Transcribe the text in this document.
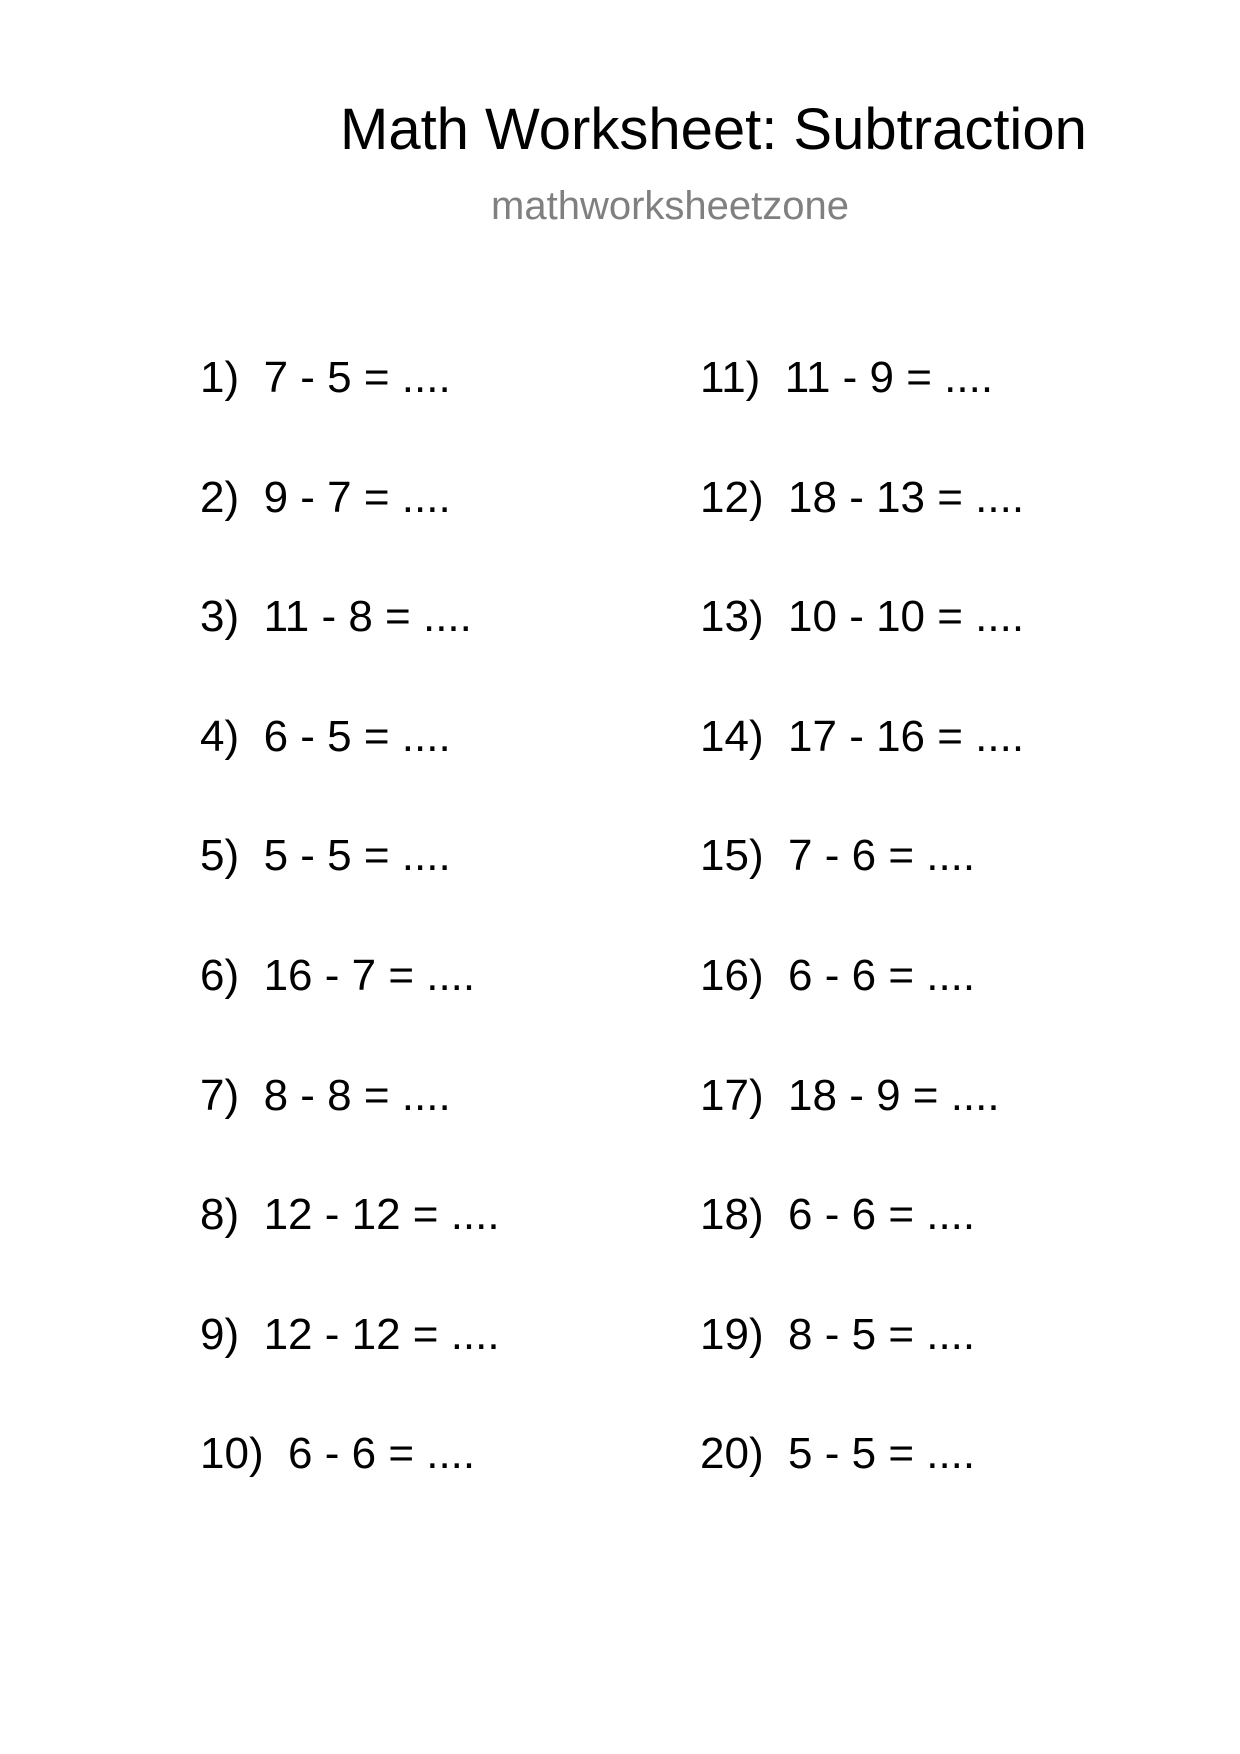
Math Worksheet: Subtraction
mathworksheetzone
1) 7 - 5 = ....
2) 9 - 7 = ....
3) 11 - 8 = ....
4) 6 - 5 = ....
5) 5 - 5 = ....
6) 16 - 7 = ....
7) 8 - 8 = ....
8) 12 - 12 = ....
9) 12 - 12 = ....
10) 6 - 6 = ....
11) 11 - 9 = ....
12) 18 - 13 = ....
13) 10 - 10 = ....
14) 17 - 16 = ....
15) 7 - 6 = ....
16) 6 - 6 = ....
17) 18 - 9 = ....
18) 6 - 6 = ....
19) 8 - 5 = ....
20) 5 - 5 = ....
